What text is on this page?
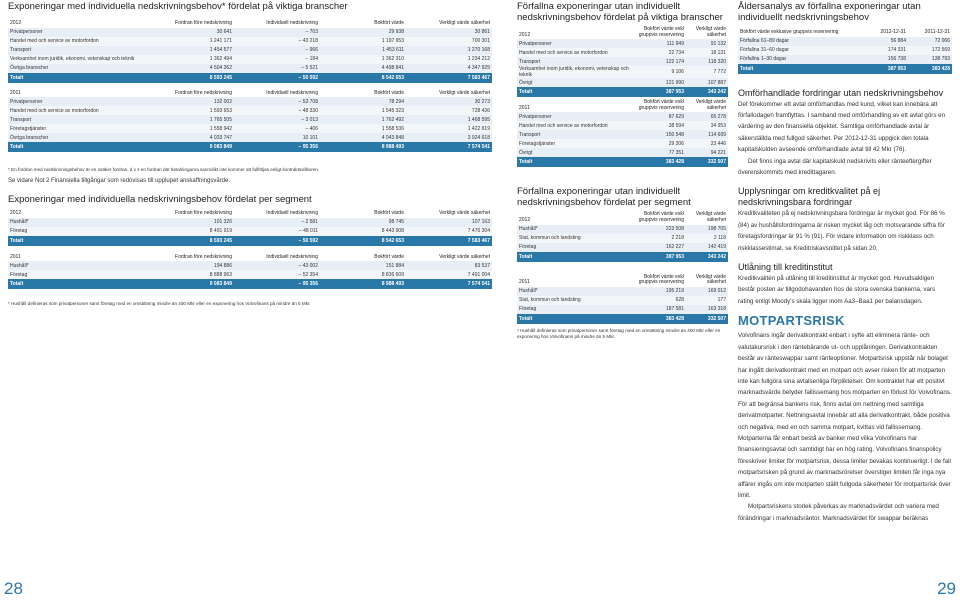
Exponeringar med individuella nedskrivningsbehov* fördelat på viktiga branscher
2012	Fordran före nedskrivning	Individuell nedskrivning	Bokfört värde	Verkligt värde säkerhet
Privatpersoner	30 641	– 703	29 938	30 861
Handel med och service av motorfordon	1 241 171	– 43 218	1 197 953	700 301
Transport	1 454 577	– 966	1 453 611	1 270 168
Verksamhet inom juridik, ekonomi, vetenskap och teknik	1 362 494	– 184	1 362 310	1 234 212
Övriga branscher	4 504 362	– 5 521	4 498 841	4 347 925
Totalt	8 593 245	– 50 592	8 542 653	7 583 467
2011	Fordran före nedskrivning	Individuell nedskrivning	Bokfört värde	Verkligt värde säkerhet
Privatpersoner	132 002	– 53 708	78 294	30 273
Handel med och service av motorfordon	1 593 653	– 48 330	1 545 323	728 436
Transport	1 765 505	– 3 013	1 762 492	1 468 595
Företagstjänster	1 558 942	– 406	1 558 536	1 422 619
Övriga branscher	4 033 747	10 101	4 043 848	3 924 618
Totalt	9 083 849	– 95 356	8 988 493	7 574 541

* En fordran med nedskrivningsbehov är en osäker fordran, d v s en fordran där betalningarna sannolikt inte kommer att fullföljas enligt kontraktsvillkoren.

Se vidare Not 2 Finansiella tillgångar som redovisas till upplupet anskaffningsvärde.

Exponeringar med individuella nedskrivningsbehov fördelat per segment
2012	Fordran före nedskrivning	Individuell nedskrivning	Bokfört värde	Verkligt värde säkerhet
Hushåll*	101 326	– 2 581	98 745	107 163
Företag	8 491 919	– 48 011	8 443 908	7 476 304
Totalt	8 593 245	– 50 592	8 542 653	7 583 467
2011	Fordran före nedskrivning	Individuell nedskrivning	Bokfört värde	Verkligt värde säkerhet
Hushåll*	194 886	– 43 002	151 884	83 537
Företag	8 888 963	– 52 354	8 836 609	7 491 004
Totalt	9 083 849	– 95 356	8 988 493	7 574 541

* Hushåll definieras som privatpersoner samt företag med en omsättning mindre än 400 Mkr eller en exponering hos Volvofinans på mindre än 5 Mkr.

Förfallna exponeringar utan individuellt nedskrivningsbehov fördelat på viktiga branscher
2012	Bokfört värde exkl gruppvis reservering	Verkligt värde säkerhet
Privatpersoner	111 949	91 132
Handel med och service av motorfordon	22 734	18 131
Transport	122 174	118 320
Verksamhet inom juridik, ekonomi, vetenskap och teknik	9 106	7 772
Övrigt	121 990	107 887
Totalt	387 953	343 242
2011	Bokfört värde exkl gruppvis reservering	Verkligt värde säkerhet
Privatpersoner	87 629	65 278
Handel med och service av motorfordon	38 594	34 953
Transport	150 548	114 609
Företagstjänster	29 306	23 446
Övrigt	77 351	94 221
Totalt	383 428	332 507
Förfallna exponeringar utan individuellt nedskrivningsbehov fördelat per segment
2012	Bokfört värde exkl gruppvis reservering	Verkligt värde säkerhet
Hushåll*	223 508	198 705
Stat, kommun och landsting	2 218	2 118
Företag	162 227	142 419
Totalt	387 953	343 242
2011	Bokfört värde exkl gruppvis reservering	Verkligt värde säkerhet
Hushåll*	195 219	169 012
Stat, kommun och landsting	628	177
Företag	187 581	163 318
Totalt	383 428	332 507

* Hushåll definieras som privatpersoner samt företag med en omsättning mindre än 400 Mkr eller en exponering hos Volvofinans på mindre än 5 Mkr.

Åldersanalys av förfallna exponeringar utan individuellt nedskrivningsbehov
Bokfört värde exklusive gruppvis reservering	2012-12-31	2011-12-31
Förfallna 61–89 dagar	56 884	72 066
Förfallna 31–60 dagar	174 331	172 569
Förfallna 1–30 dagar	156 738	138 793
Totalt	387 953	383 428
Omförhandlade fordringar utan nedskrivningsbehov

Det förekommer ett avtal omförhandlas med kund, vilket kan innebära att förfallodagen framflyttas. I samband med omförhandling av ett avtal görs en värdering av den finansiella objektet. Samtliga omförhandlade avtal är säkerställda med fullgod säkerhet. Per 2012-12-31 uppgick den totala kapitalskulden avseende omförhandlade avtal till 42 Mkr (76).

Det finns inga avtal där kapitalskuld nedskrivits eller ränteeftergifter överenskommits med kredittagaren.

Upplysningar om kreditkvalitet på ej nedskrivningsbara fordringar

Kreditkvaliteten på ej nedskrivningsbara fordringar är mycket god. För 86 % (84) av hushållsfordringarna är risken mycket låg och motsvarande siffra för företagsfordringar är 91 % (91). För vidare information om riskklass och riskklassestimat, se Kreditriskavsnittet på sidan 20.

Utlåning till kreditinstitut

Kreditkvalitén på utlåning till kreditinstitut är mycket god. Huvudsakligen består posten av tillgodohavanden hos de stora svenska bankerna, vars rating enligt Moody's skala ligger inom Aa3–Baa1 per balansdagen.

MOTPARTSRISK

Volvofinans ingår derivatkontrakt enbart i syfte att eliminera ränte- och valutakursrisk i den räntebärande ut- och upplåningen. Derivatkontrakten består av ränteswappar samt ränteoptioner. Motpartsrisk uppstår när bolaget har ingått derivatkontrakt med en motpart och avser risken för att motparten inte kan fullgöra sina avtalsenliga förpliktelser. Om kontraktet har ett positivt marknadsvärde betyder fallissemang hos motparten en förlust för Volvofinans. För att begränsa bankens risk, finns avtal om nettning med samtliga derivatmotparter. Nettningsavtal innebär att alla derivatkontrakt, både positiva och negativa, med en och samma motpart, kvittas vid fallissemang. Motparterna får enbart bestå av banker med vilka Volvofinans har finansieringsavtal och samtidigt har en hög rating. Volvofinans finanspolicy föreskriver limiter för motpartsrisk, dessa limiter bevakas kontinuerligt. I de fall motpartsrisken på grund av marknadsrörelser överstiger limiten får inga nya affärer ingås om inte motparten ställt fullgoda säkerheter för motpartsrisk över limit.

Motpartsriskens storlek påverkas av marknadsvärdet och variera med förändringar i marknadsräntor. Marknadsvärdet för swappar beräknas

28	29
